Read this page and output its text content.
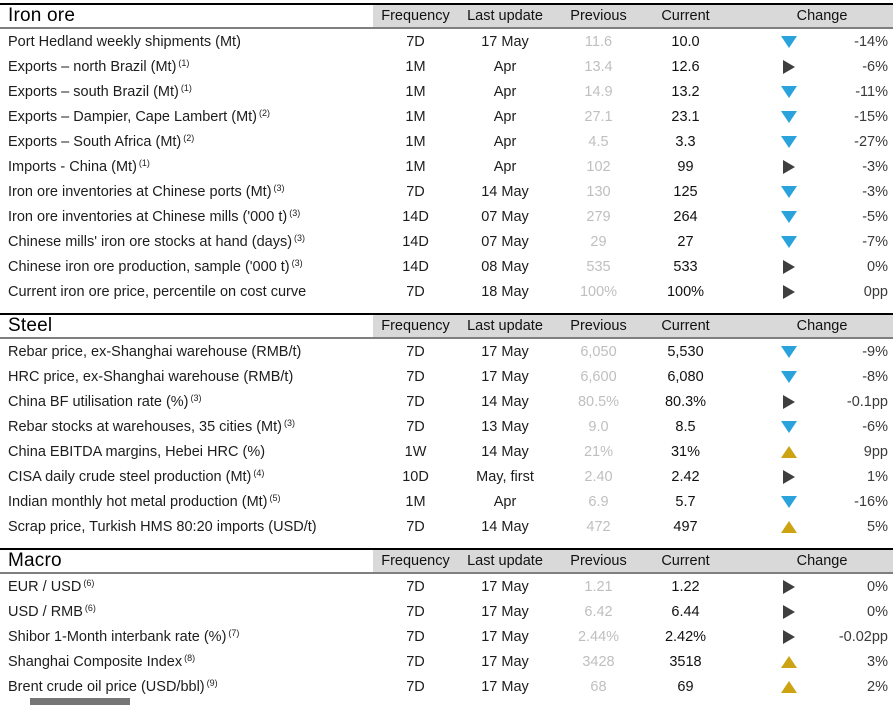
Iron ore	Frequency	Last update	Previous	Current	Change
Port Hedland weekly shipments (Mt)	7D	17 May	11.6	10.0	-14%
Exports – north Brazil (Mt) $^{(1)}$	1M	Apr	13.4	12.6	-6%
Exports – south Brazil (Mt) $^{(1)}$	1M	Apr	14.9	13.2	-11%
Exports – Dampier, Cape Lambert (Mt) $^{(2)}$	1M	Apr	27.1	23.1	-15%
Exports – South Africa (Mt) $^{(2)}$	1M	Apr	4.5	3.3	-27%
Imports - China (Mt) $^{(1)}$	1M	Apr	102	99	-3%
Iron ore inventories at Chinese ports (Mt) $^{(3)}$	7D	14 May	130	125	-3%
Iron ore inventories at Chinese mills ('000 t) $^{(3)}$	14D	07 May	279	264	-5%
Chinese mills' iron ore stocks at hand (days) $^{(3)}$	14D	07 May	29	27	-7%
Chinese iron ore production, sample ('000 t) $^{(3)}$	14D	08 May	535	533	0%
Current iron ore price, percentile on cost curve	7D	18 May	100%	100%	0pp
Steel	Frequency	Last update	Previous	Current	Change
Rebar price, ex-Shanghai warehouse (RMB/t)	7D	17 May	6,050	5,530	-9%
HRC price, ex-Shanghai warehouse (RMB/t)	7D	17 May	6,600	6,080	-8%
China BF utilisation rate (%) $^{(3)}$	7D	14 May	80.5%	80.3%	-0.1pp
Rebar stocks at warehouses, 35 cities (Mt) $^{(3)}$	7D	13 May	9.0	8.5	-6%
China EBITDA margins, Hebei HRC (%)	1W	14 May	21%	31%	9pp
CISA daily crude steel production (Mt) $^{(4)}$	10D	May, first	2.40	2.42	1%
Indian monthly hot metal production (Mt) $^{(5)}$	1M	Apr	6.9	5.7	-16%
Scrap price, Turkish HMS 80:20 imports (USD/t)	7D	14 May	472	497	5%
Macro	Frequency	Last update	Previous	Current	Change
EUR / USD $^{(6)}$	7D	17 May	1.21	1.22	0%
USD / RMB $^{(6)}$	7D	17 May	6.42	6.44	0%
Shibor 1-Month interbank rate (%) $^{(7)}$	7D	17 May	2.44%	2.42%	-0.02pp
Shanghai Composite Index $^{(8)}$	7D	17 May	3428	3518	3%
Brent crude oil price (USD/bbl) $^{(9)}$	7D	17 May	68	69	2%
